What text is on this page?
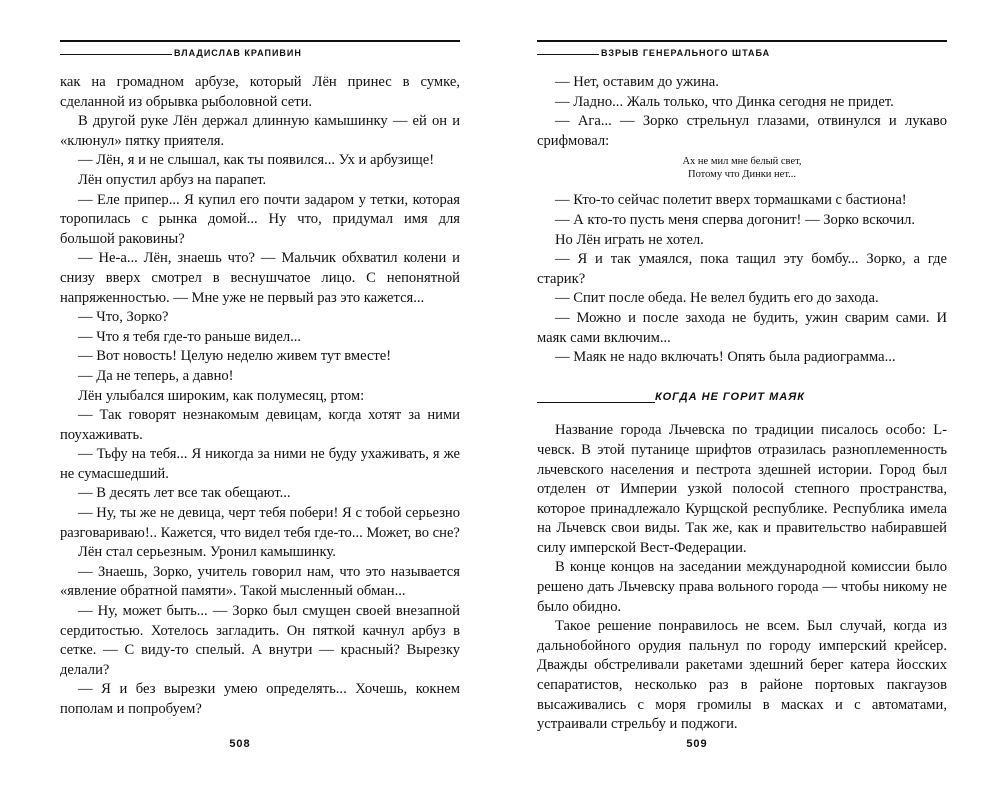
ВЛАДИСЛАВ КРАПИВИН

как на громадном арбузе, который Лён принес в сумке, сделанной из обрывка рыболовной сети.

В другой руке Лён держал длинную камышинку — ей он и «клюнул» пятку приятеля.

— Лён, я и не слышал, как ты появился... Ух и арбузище!

Лён опустил арбуз на парапет.

— Еле припер... Я купил его почти задаром у тетки, которая торопилась с рынка домой... Ну что, придумал имя для большой раковины?

— Не-а... Лён, знаешь что? — Мальчик обхватил колени и снизу вверх смотрел в веснушчатое лицо. С непонятной напряженностью. — Мне уже не первый раз это кажется...

— Что, Зорко?

— Что я тебя где-то раньше видел...

— Вот новость! Целую неделю живем тут вместе!

— Да не теперь, а давно!

Лён улыбался широким, как полумесяц, ртом:

— Так говорят незнакомым девицам, когда хотят за ними поухаживать.

— Тьфу на тебя... Я никогда за ними не буду ухаживать, я же не сумасшедший.

— В десять лет все так обещают...

— Ну, ты же не девица, черт тебя побери! Я с тобой серьезно разговариваю!.. Кажется, что видел тебя где-то... Может, во сне?

Лён стал серьезным. Уронил камышинку.

— Знаешь, Зорко, учитель говорил нам, что это называется «явление обратной памяти». Такой мысленный обман...

— Ну, может быть... — Зорко был смущен своей внезапной сердитостью. Хотелось загладить. Он пяткой качнул арбуз в сетке. — С виду-то спелый. А внутри — красный? Вырезку делали?

— Я и без вырезки умею определять... Хочешь, кокнем пополам и попробуем?

508
ВЗРЫВ ГЕНЕРАЛЬНОГО ШТАБА

— Нет, оставим до ужина.

— Ладно... Жаль только, что Динка сегодня не придет.

— Ага... — Зорко стрельнул глазами, отвинулся и лукаво срифмовал:

Ах не мил мне белый свет,
Потому что Динки нет...

— Кто-то сейчас полетит вверх тормашками с бастиона!

— А кто-то пусть меня сперва догонит! — Зорко вскочил.

Но Лён играть не хотел.

— Я и так умаялся, пока тащил эту бомбу... Зорко, а где старик?

— Спит после обеда. Не велел будить его до захода.

— Можно и после захода не будить, ужин сварим сами. И маяк сами включим...

— Маяк не надо включать! Опять была радиограмма...

КОГДА НЕ ГОРИТ МАЯК

Название города Льчевска по традиции писалось особо: L-чевск. В этой путанице шрифтов отразилась разноплеменность льчевского населения и пестрота здешней истории. Город был отделен от Империи узкой полосой степного пространства, которое принадлежало Курщской республике. Республика имела на Льчевск свои виды. Так же, как и правительство набиравшей силу имперской Вест-Федерации.

В конце концов на заседании международной комиссии было решено дать Льчевску права вольного города — чтобы никому не было обидно.

Такое решение понравилось не всем. Был случай, когда из дальнобойного орудия пальнул по городу имперский крейсер. Дважды обстреливали ракетами здешний берег катера йосских сепаратистов, несколько раз в районе портовых пакгаузов высаживались с моря громилы в масках и с автоматами, устраивали стрельбу и поджоги.

509
